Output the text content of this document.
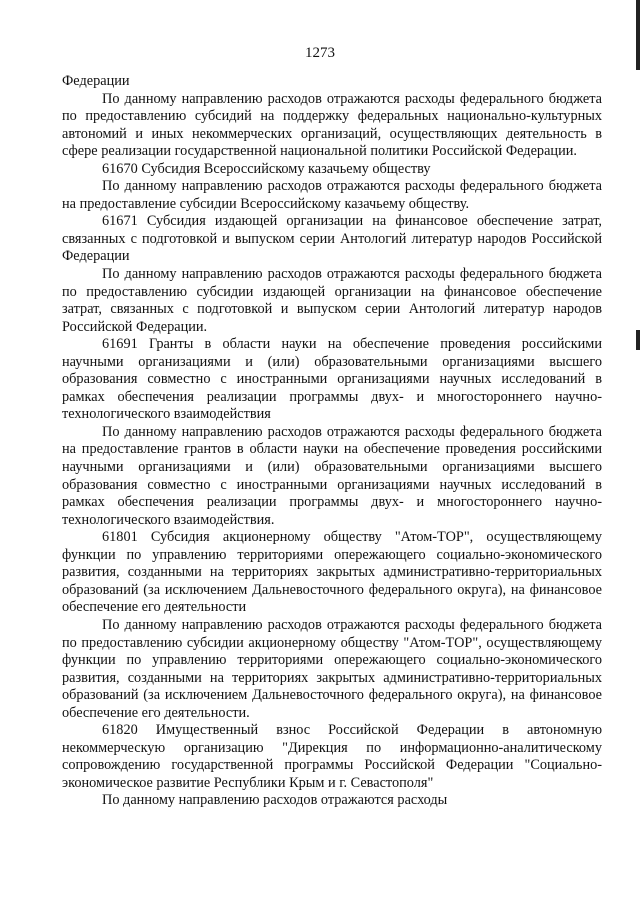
1273

Федерации

По данному направлению расходов отражаются расходы федерального бюджета по предоставлению субсидий на поддержку федеральных национально-культурных автономий и иных некоммерческих организаций, осуществляющих деятельность в сфере реализации государственной национальной политики Российской Федерации.

61670 Субсидия Всероссийскому казачьему обществу

По данному направлению расходов отражаются расходы федерального бюджета на предоставление субсидии Всероссийскому казачьему обществу.

61671 Субсидия издающей организации на финансовое обеспечение затрат, связанных с подготовкой и выпуском серии Антологий литератур народов Российской Федерации

По данному направлению расходов отражаются расходы федерального бюджета по предоставлению субсидии издающей организации на финансовое обеспечение затрат, связанных с подготовкой и выпуском серии Антологий литератур народов Российской Федерации.

61691 Гранты в области науки на обеспечение проведения российскими научными организациями и (или) образовательными организациями высшего образования совместно с иностранными организациями научных исследований в рамках обеспечения реализации программы двух- и многостороннего научно-технологического взаимодействия

По данному направлению расходов отражаются расходы федерального бюджета на предоставление грантов в области науки на обеспечение проведения российскими научными организациями и (или) образовательными организациями высшего образования совместно с иностранными организациями научных исследований в рамках обеспечения реализации программы двух- и многостороннего научно-технологического взаимодействия.

61801 Субсидия акционерному обществу "Атом-ТОР", осуществляющему функции по управлению территориями опережающего социально-экономического развития, созданными на территориях закрытых административно-территориальных образований (за исключением Дальневосточного федерального округа), на финансовое обеспечение его деятельности

По данному направлению расходов отражаются расходы федерального бюджета по предоставлению субсидии акционерному обществу "Атом-ТОР", осуществляющему функции по управлению территориями опережающего социально-экономического развития, созданными на территориях закрытых административно-территориальных образований (за исключением Дальневосточного федерального округа), на финансовое обеспечение его деятельности.

61820 Имущественный взнос Российской Федерации в автономную некоммерческую организацию "Дирекция по информационно-аналитическому сопровождению государственной программы Российской Федерации "Социально-экономическое развитие Республики Крым и г. Севастополя"

По данному направлению расходов отражаются расходы
